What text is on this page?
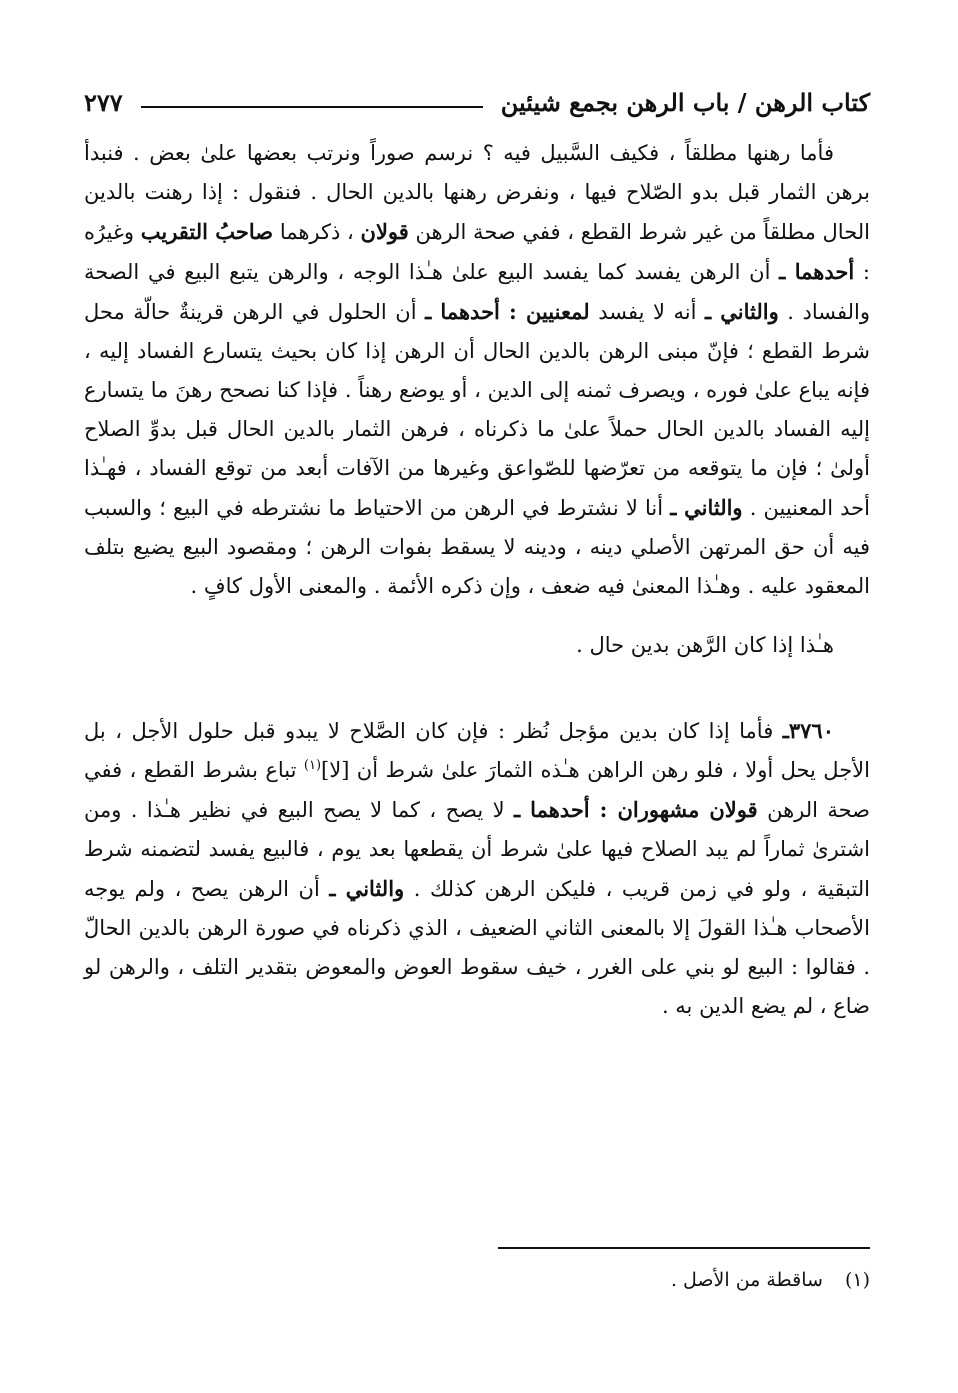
كتاب الرهن / باب الرهن بجمع شيئين
٢٧٧

فأما رهنها مطلقاً ، فكيف السَّبيل فيه ؟ نرسم صوراً ونرتب بعضها علىٰ بعض . فنبدأ برهن الثمار قبل بدو الصّلاح فيها ، ونفرض رهنها بالدين الحال . فنقول : إذا رهنت بالدين الحال مطلقاً من غير شرط القطع ، ففي صحة الرهن قولان ، ذكرهما صاحبُ التقريب وغيرُه : أحدهما ـ أن الرهن يفسد كما يفسد البيع علىٰ هـٰذا الوجه ، والرهن يتبع البيع في الصحة والفساد . والثاني ـ أنه لا يفسد لمعنيين : أحدهما ـ أن الحلول في الرهن قرينةٌ حالّة محل شرط القطع ؛ فإنّ مبنى الرهن بالدين الحال أن الرهن إذا كان بحيث يتسارع الفساد إليه ، فإنه يباع علىٰ فوره ، ويصرف ثمنه إلى الدين ، أو يوضع رهناً . فإذا كنا نصحح رهنَ ما يتسارع إليه الفساد بالدين الحال حملاً علىٰ ما ذكرناه ، فرهن الثمار بالدين الحال قبل بدوِّ الصلاح أولىٰ ؛ فإن ما يتوقعه من تعرّضها للصّواعق وغيرها من الآفات أبعد من توقع الفساد ، فهـٰذا أحد المعنيين . والثاني ـ أنا لا نشترط في الرهن من الاحتياط ما نشترطه في البيع ؛ والسبب فيه أن حق المرتهن الأصلي دينه ، ودينه لا يسقط بفوات الرهن ؛ ومقصود البيع يضيع بتلف المعقود عليه . وهـٰذا المعنىٰ فيه ضعف ، وإن ذكره الأئمة . والمعنى الأول كافٍ .

هـٰذا إذا كان الرَّهن بدين حال .

٣٧٦٠ـ فأما إذا كان بدين مؤجل نُظر : فإن كان الصَّلاح لا يبدو قبل حلول الأجل ، بل الأجل يحل أولا ، فلو رهن الراهن هـٰذه الثمارَ علىٰ شرط أن [لا]$^{(١)}$ تباع بشرط القطع ، ففي صحة الرهن قولان مشهوران : أحدهما ـ لا يصح ، كما لا يصح البيع في نظير هـٰذا . ومن اشترىٰ ثماراً لم يبد الصلاح فيها علىٰ شرط أن يقطعها بعد يوم ، فالبيع يفسد لتضمنه شرط التبقية ، ولو في زمن قريب ، فليكن الرهن كذلك . والثاني ـ أن الرهن يصح ، ولم يوجه الأصحاب هـٰذا القولَ إلا بالمعنى الثاني الضعيف ، الذي ذكرناه في صورة الرهن بالدين الحالّ . فقالوا : البيع لو بني على الغرر ، خيف سقوط العوض والمعوض بتقدير التلف ، والرهن لو ضاع ، لم يضع الدين به .

(١)ساقطة من الأصل .
